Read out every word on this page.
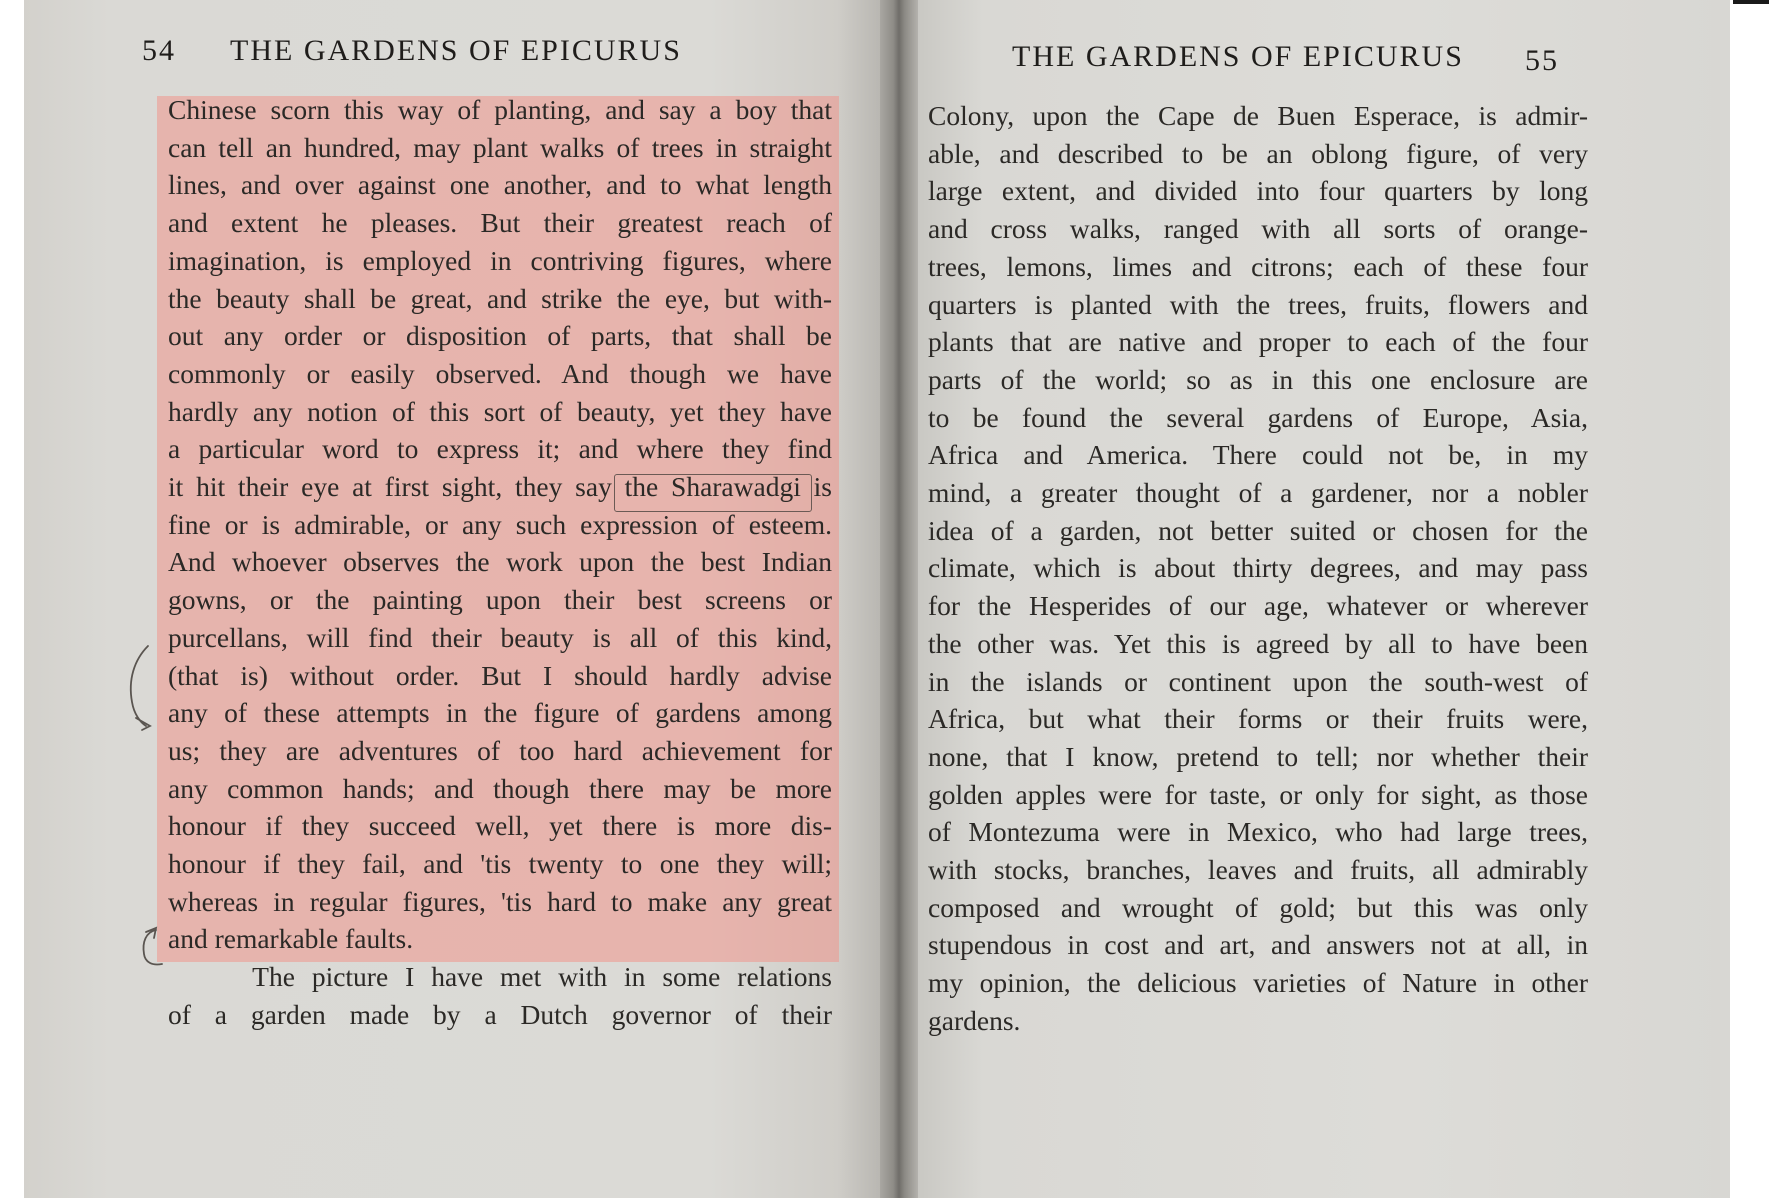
54 THE GARDENS OF EPICURUS	THE GARDENS OF EPICURUS 55
Chinese scorn this way of planting, and say a boy that
can tell an hundred, may plant walks of trees in straight
lines, and over against one another, and to what length
and extent he pleases. But their greatest reach of
imagination, is employed in contriving figures, where
the beauty shall be great, and strike the eye, but with-
out any order or disposition of parts, that shall be
commonly or easily observed. And though we have
hardly any notion of this sort of beauty, yet they have
a particular word to express it; and where they find
it hit their eye at first sight, they say the Sharawadgi is
fine or is admirable, or any such expression of esteem.
And whoever observes the work upon the best Indian
gowns, or the painting upon their best screens or
purcellans, will find their beauty is all of this kind,
(that is) without order. But I should hardly advise
any of these attempts in the figure of gardens among
us; they are adventures of too hard achievement for
any common hands; and though there may be more
honour if they succeed well, yet there is more dis-
honour if they fail, and 'tis twenty to one they will;
whereas in regular figures, 'tis hard to make any great
and remarkable faults.
The picture I have met with in some relations
of a garden made by a Dutch governor of their
Colony, upon the Cape de Buen Esperace, is admir-
able, and described to be an oblong figure, of very
large extent, and divided into four quarters by long
and cross walks, ranged with all sorts of orange-
trees, lemons, limes and citrons; each of these four
quarters is planted with the trees, fruits, flowers and
plants that are native and proper to each of the four
parts of the world; so as in this one enclosure are
to be found the several gardens of Europe, Asia,
Africa and America. There could not be, in my
mind, a greater thought of a gardener, nor a nobler
idea of a garden, not better suited or chosen for the
climate, which is about thirty degrees, and may pass
for the Hesperides of our age, whatever or wherever
the other was. Yet this is agreed by all to have been
in the islands or continent upon the south-west of
Africa, but what their forms or their fruits were,
none, that I know, pretend to tell; nor whether their
golden apples were for taste, or only for sight, as those
of Montezuma were in Mexico, who had large trees,
with stocks, branches, leaves and fruits, all admirably
composed and wrought of gold; but this was only
stupendous in cost and art, and answers not at all, in
my opinion, the delicious varieties of Nature in other
gardens.
